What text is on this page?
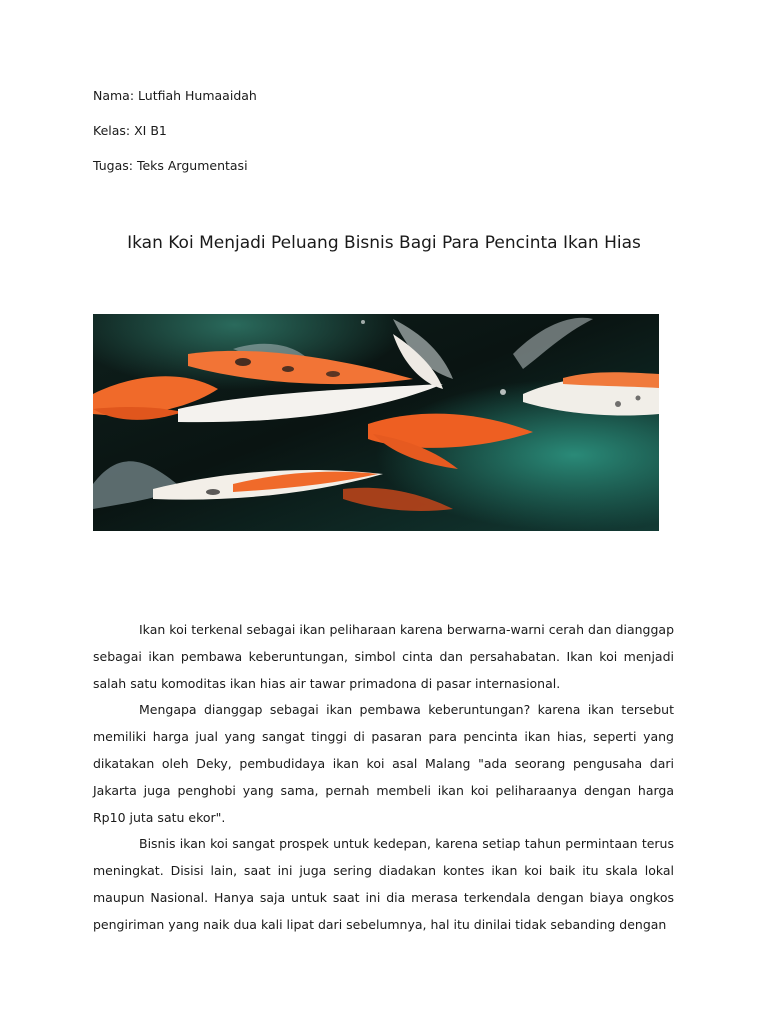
Nama: Lutfiah Humaaidah
Kelas: XI B1
Tugas: Teks Argumentasi
Ikan Koi Menjadi Peluang Bisnis Bagi Para Pencinta Ikan Hias

Ikan koi terkenal sebagai ikan peliharaan karena berwarna-warni cerah dan dianggap sebagai ikan pembawa keberuntungan, simbol cinta dan persahabatan. Ikan koi menjadi salah satu komoditas ikan hias air tawar primadona di pasar internasional.

Mengapa dianggap sebagai ikan pembawa keberuntungan? karena ikan tersebut memiliki harga jual yang sangat tinggi di pasaran para pencinta ikan hias, seperti yang dikatakan oleh Deky, pembudidaya ikan koi asal Malang "ada seorang pengusaha dari Jakarta juga penghobi yang sama, pernah membeli ikan koi peliharaanya dengan harga Rp10 juta satu ekor".

Bisnis ikan koi sangat prospek untuk kedepan, karena setiap tahun permintaan terus meningkat. Disisi lain, saat ini juga sering diadakan kontes ikan koi baik itu skala lokal maupun Nasional. Hanya saja untuk saat ini dia merasa terkendala dengan biaya ongkos pengiriman yang naik dua kali lipat dari sebelumnya, hal itu dinilai tidak sebanding dengan
